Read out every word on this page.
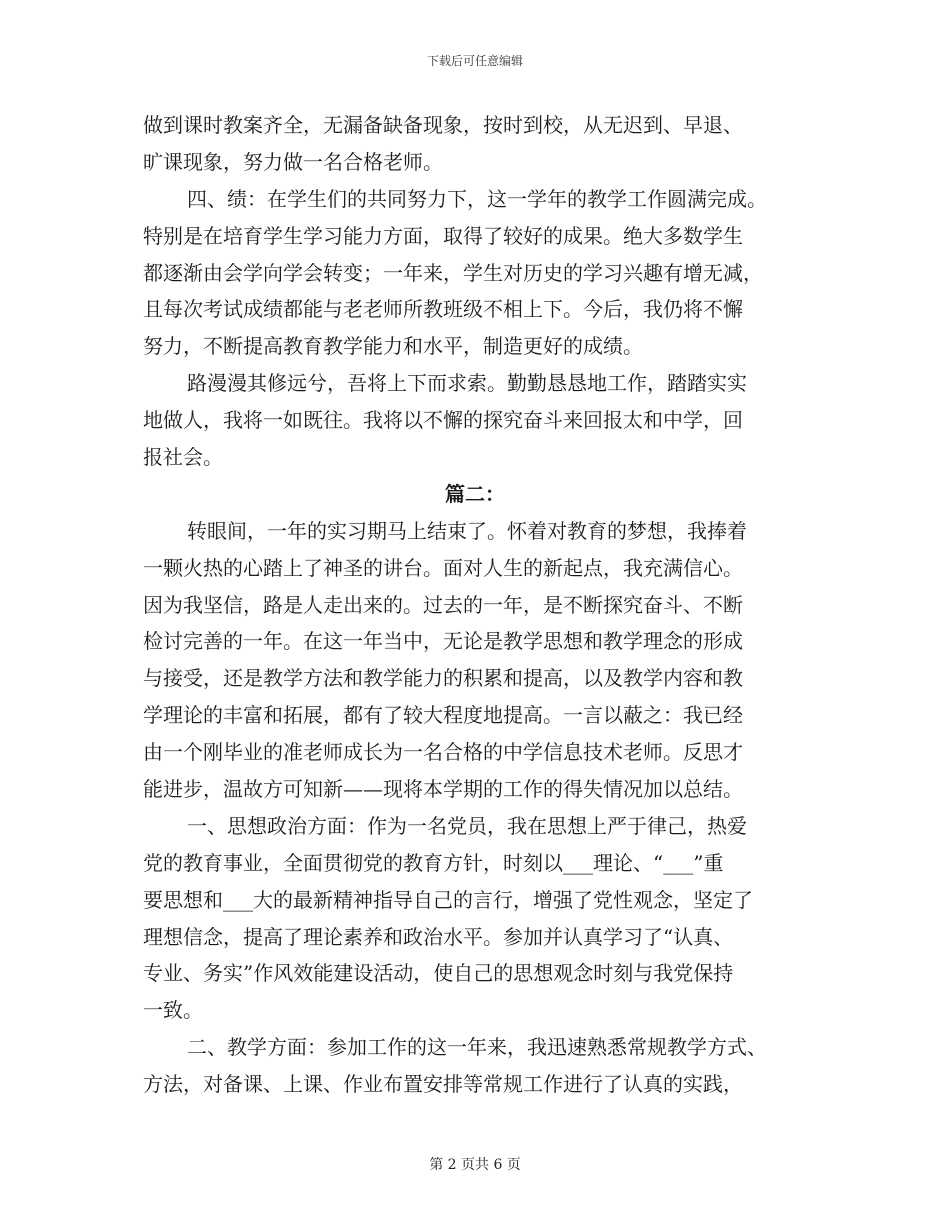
下载后可任意编辑
做到课时教案齐全，无漏备缺备现象，按时到校，从无迟到、早退、
旷课现象，努力做一名合格老师。
四、绩：在学生们的共同努力下，这一学年的教学工作圆满完成。
特别是在培育学生学习能力方面，取得了较好的成果。绝大多数学生
都逐渐由会学向学会转变；一年来，学生对历史的学习兴趣有增无减，
且每次考试成绩都能与老老师所教班级不相上下。今后，我仍将不懈
努力，不断提高教育教学能力和水平，制造更好的成绩。
路漫漫其修远兮，吾将上下而求索。勤勤恳恳地工作，踏踏实实
地做人，我将一如既往。我将以不懈的探究奋斗来回报太和中学，回
报社会。
篇二：
转眼间，一年的实习期马上结束了。怀着对教育的梦想，我捧着
一颗火热的心踏上了神圣的讲台。面对人生的新起点，我充满信心。
因为我坚信，路是人走出来的。过去的一年，是不断探究奋斗、不断
检讨完善的一年。在这一年当中，无论是教学思想和教学理念的形成
与接受，还是教学方法和教学能力的积累和提高，以及教学内容和教
学理论的丰富和拓展，都有了较大程度地提高。一言以蔽之：我已经
由一个刚毕业的准老师成长为一名合格的中学信息技术老师。反思才
能进步，温故方可知新——现将本学期的工作的得失情况加以总结。
一、思想政治方面：作为一名党员，我在思想上严于律己，热爱
党的教育事业，全面贯彻党的教育方针，时刻以___理论、“___”重
要思想和___大的最新精神指导自己的言行，增强了党性观念，坚定了
理想信念，提高了理论素养和政治水平。参加并认真学习了“认真、
专业、务实”作风效能建设活动，使自己的思想观念时刻与我党保持
一致。
二、教学方面：参加工作的这一年来，我迅速熟悉常规教学方式、
方法，对备课、上课、作业布置安排等常规工作进行了认真的实践，
第 2 页共 6 页
